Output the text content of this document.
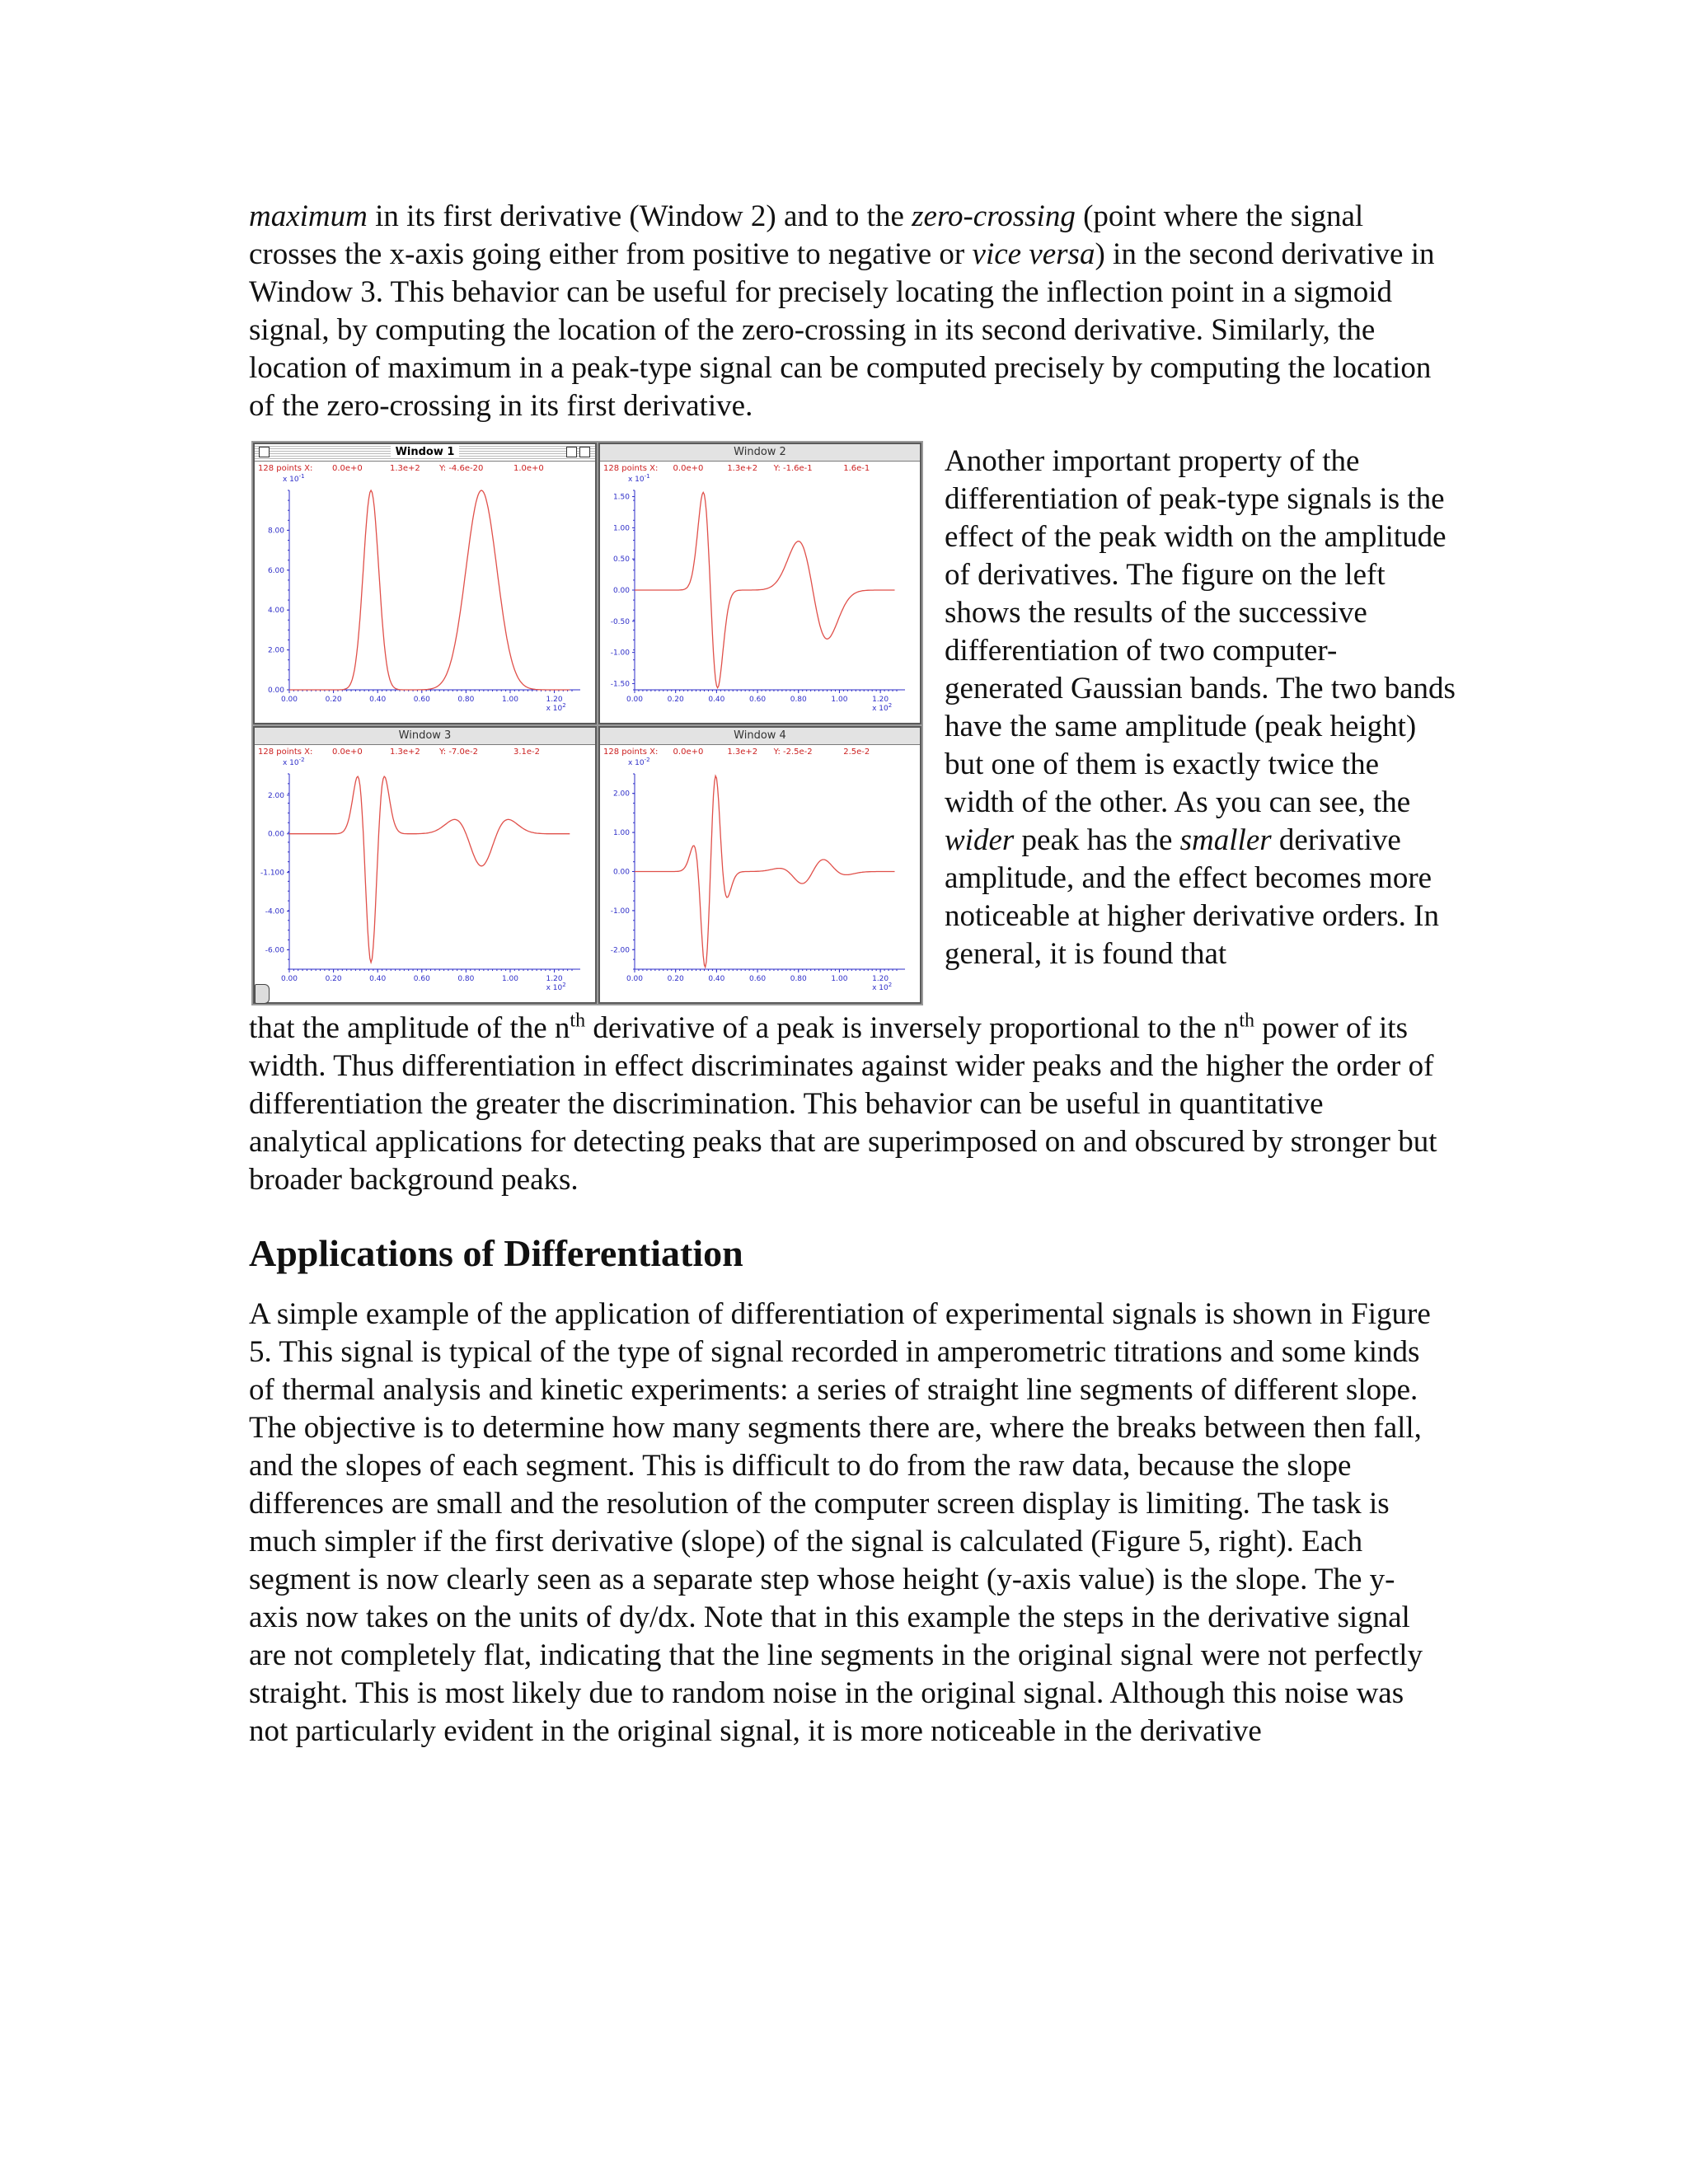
maximum in its first derivative (Window 2) and to the zero-crossing (point where the signal crosses the x-axis going either from positive to negative or vice versa) in the second derivative in Window 3. This behavior can be useful for precisely locating the inflection point in a sigmoid signal, by computing the location of the zero-crossing in its second derivative. Similarly, the location of maximum in a peak-type signal can be computed precisely by computing the location of the zero-crossing in its first derivative.

Window 1
128 points X: 0.0e+0	1.3e+2 Y: -4.6e-20	1.0e+0
x $10^{-1}$
8.00
6.00
4.00
2.00
0.00
0.00	0.20	0.40	0.60	0.80	1.00	1.20
x $10^2$
Window 2
128 points X: 0.0e+0	1.3e+2 Y: -1.6e-1	1.6e-1
x $10^{-1}$
1.50
1.00
0.50
0.00
-0.50
-1.00
-1.50
0.00	0.20	0.40	0.60	0.80	1.00	1.20
x $10^2$
Window 3
128 points X: 0.0e+0	1.3e+2 Y: -7.0e-2	3.1e-2
x $10^{-2}$
2.00
0.00
-1.100
-4.00
-6.00
0.00	0.20	0.40	0.60	0.80	1.00	1.20
x $10^2$
Window 4
128 points X: 0.0e+0	1.3e+2 Y: -2.5e-2	2.5e-2
x $10^{-2}$
2.00
1.00
0.00
-1.00
-2.00
0.00	0.20	0.40	0.60	0.80	1.00	1.20
x $10^2$

Another important property of the differentiation of peak-type signals is the effect of the peak width on the amplitude of derivatives. The figure on the left shows the results of the successive differentiation of two computer-generated Gaussian bands. The two bands have the same amplitude (peak height) but one of them is exactly twice the width of the other. As you can see, the wider peak has the smaller derivative amplitude, and the effect becomes more noticeable at higher derivative orders. In general, it is found that

that the amplitude of the $n^{th}$ derivative of a peak is inversely proportional to the $n^{th}$ power of its width. Thus differentiation in effect discriminates against wider peaks and the higher the order of differentiation the greater the discrimination. This behavior can be useful in quantitative analytical applications for detecting peaks that are superimposed on and obscured by stronger but broader background peaks.

Applications of Differentiation

A simple example of the application of differentiation of experimental signals is shown in Figure 5. This signal is typical of the type of signal recorded in amperometric titrations and some kinds of thermal analysis and kinetic experiments: a series of straight line segments of different slope. The objective is to determine how many segments there are, where the breaks between then fall, and the slopes of each segment. This is difficult to do from the raw data, because the slope differences are small and the resolution of the computer screen display is limiting. The task is much simpler if the first derivative (slope) of the signal is calculated (Figure 5, right). Each segment is now clearly seen as a separate step whose height (y-axis value) is the slope. The y-axis now takes on the units of dy/dx. Note that in this example the steps in the derivative signal are not completely flat, indicating that the line segments in the original signal were not perfectly straight. This is most likely due to random noise in the original signal. Although this noise was not particularly evident in the original signal, it is more noticeable in the derivative
